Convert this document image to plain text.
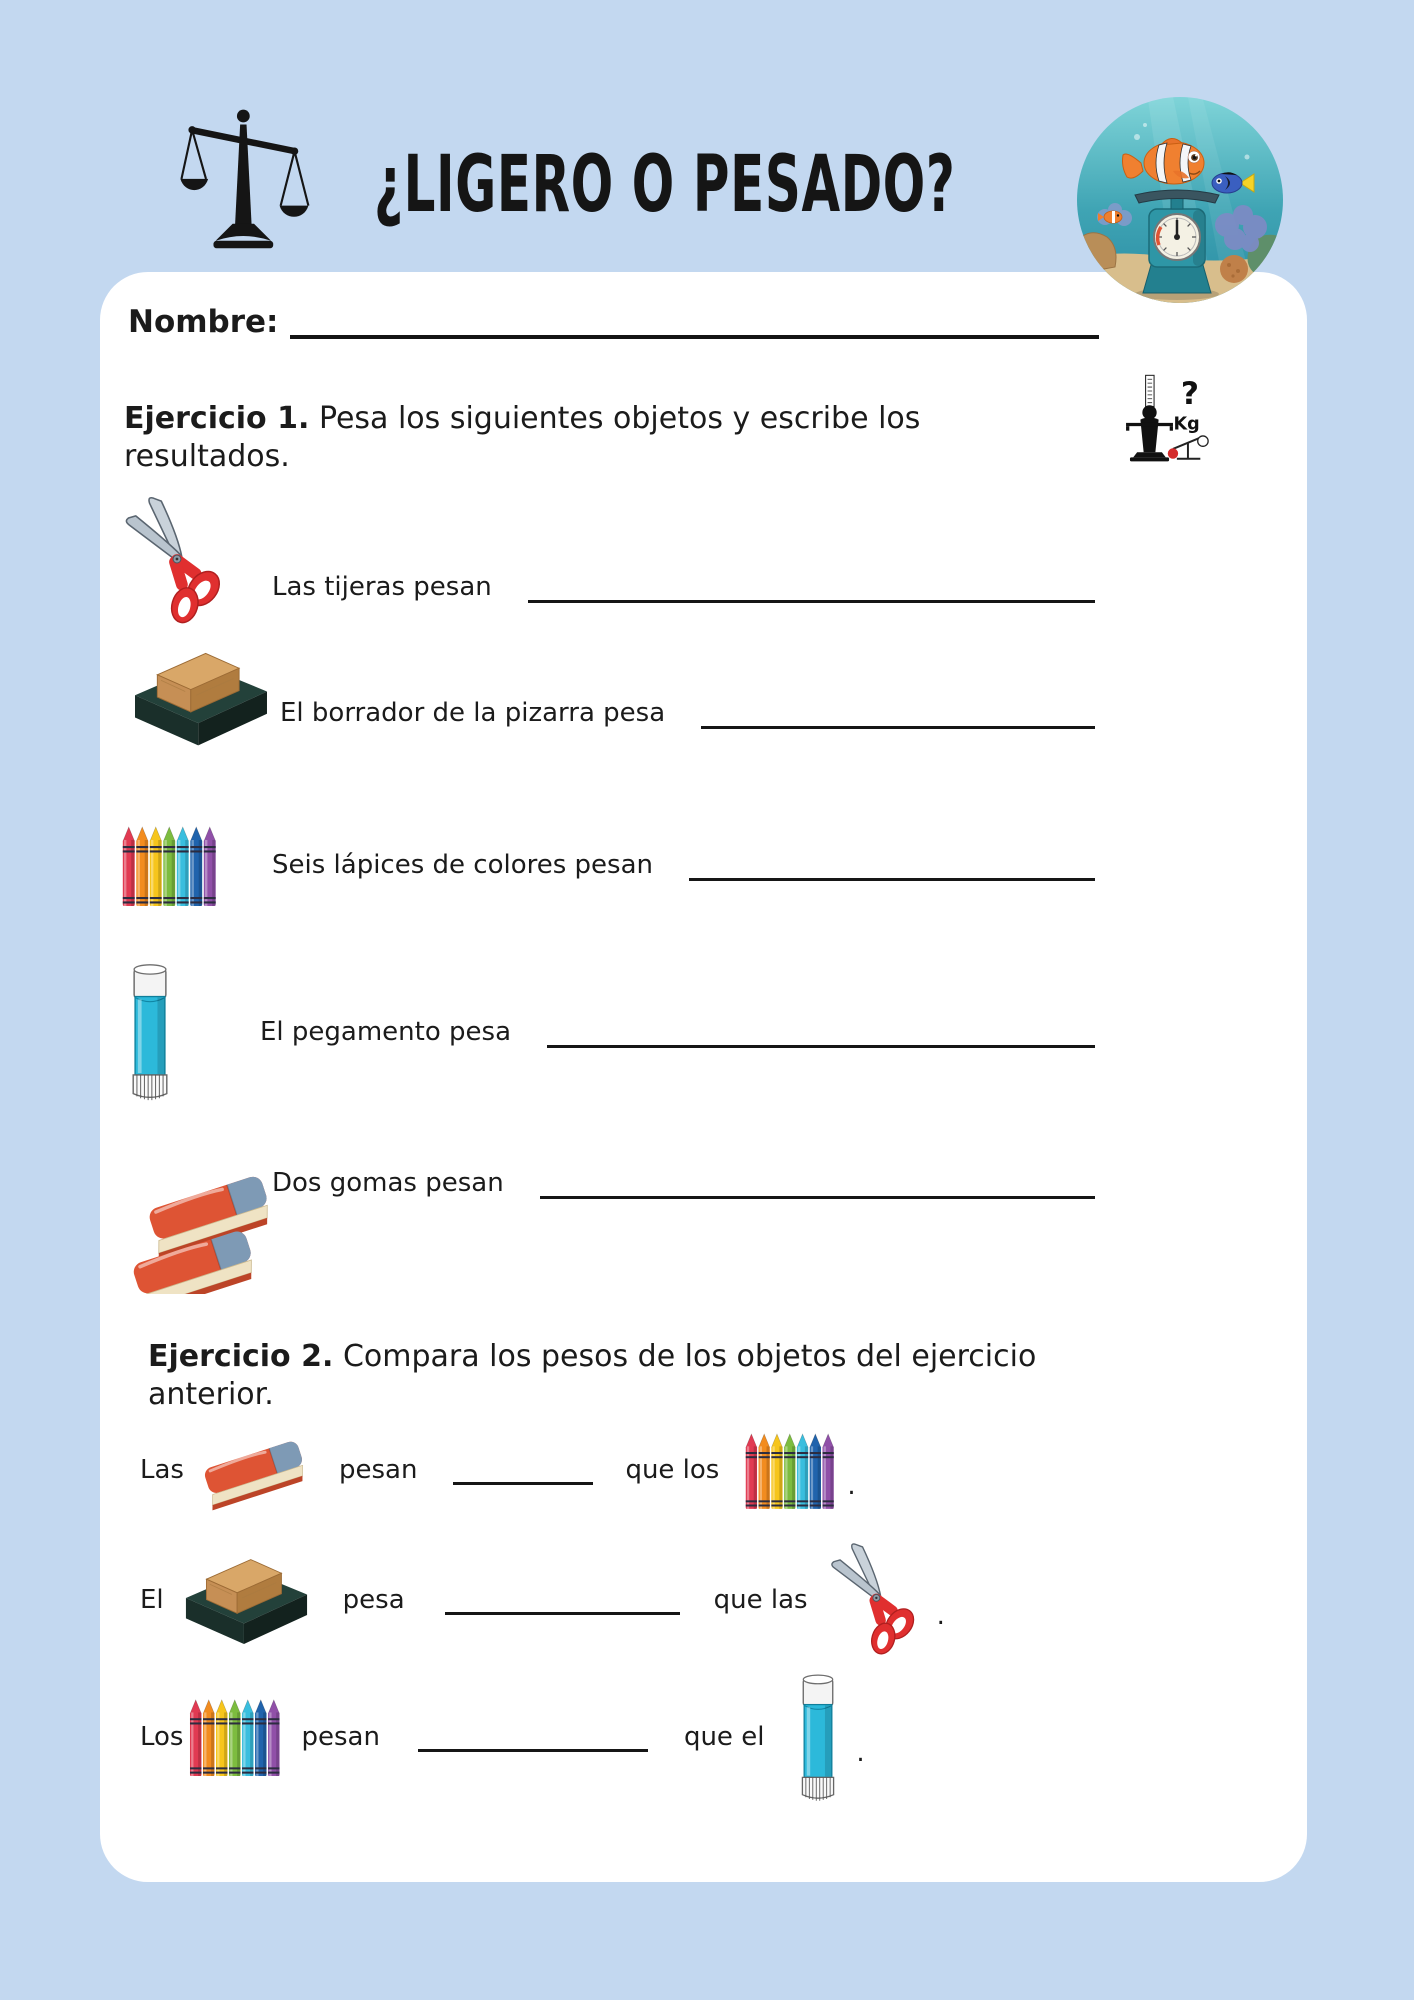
¿LIGERO O PESADO?
Nombre:
Ejercicio 1. Pesa los siguientes objetos y escribe los resultados.
?
Kg
Las tijeras pesan
El borrador de la pizarra pesa
Seis lápices de colores pesan
El pegamento pesa
Dos gomas pesan
Ejercicio 2. Compara los pesos de los objetos del ejercicio anterior.
Las	pesan	que los
.
El	pesa	que las
.
Los	pesan	que el
.
